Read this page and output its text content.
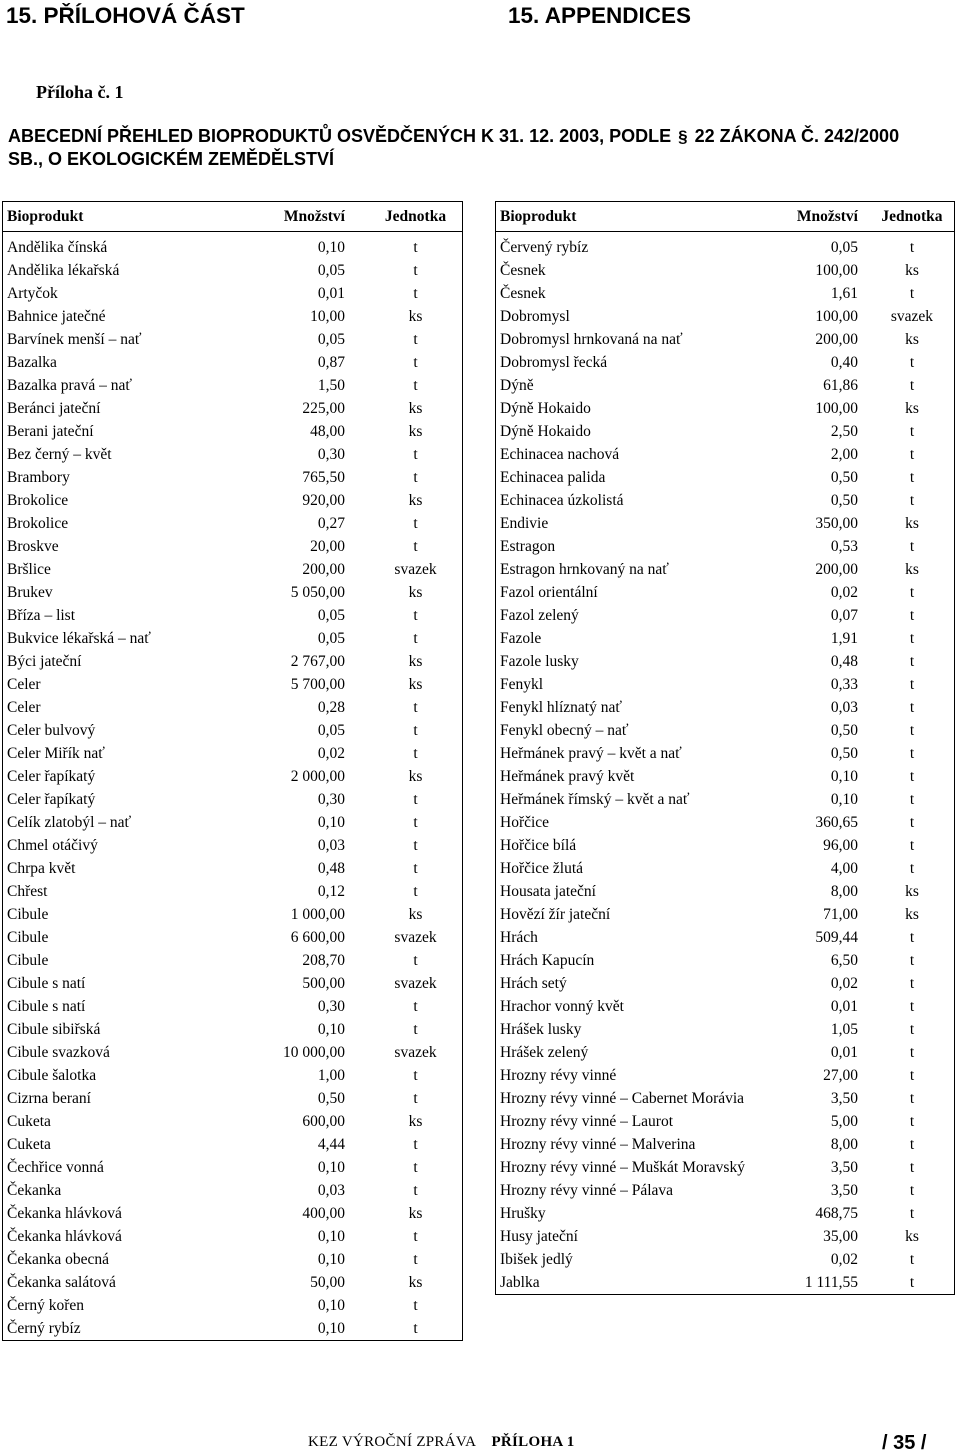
15. PŘÍLOHOVÁ ČÁST	15. APPENDICES
Příloha č. 1
ABECEDNÍ PŘEHLED BIOPRODUKTŮ OSVĚDČENÝCH K 31. 12. 2003, PODLE § 22 ZÁKONA Č. 242/2000 SB., O EKOLOGICKÉM ZEMĚDĚLSTVÍ
Bioprodukt	Množství	Jednotka
Andělika čínská	0,10	t
Andělika lékařská	0,05	t
Artyčok	0,01	t
Bahnice jatečné	10,00	ks
Barvínek menší – nať	0,05	t
Bazalka	0,87	t
Bazalka pravá – nať	1,50	t
Beránci jateční	225,00	ks
Berani jateční	48,00	ks
Bez černý – květ	0,30	t
Brambory	765,50	t
Brokolice	920,00	ks
Brokolice	0,27	t
Broskve	20,00	t
Bršlice	200,00	svazek
Brukev	5 050,00	ks
Bříza – list	0,05	t
Bukvice lékařská – nať	0,05	t
Býci jateční	2 767,00	ks
Celer	5 700,00	ks
Celer	0,28	t
Celer bulvový	0,05	t
Celer Miřík nať	0,02	t
Celer řapíkatý	2 000,00	ks
Celer řapíkatý	0,30	t
Celík zlatobýl – nať	0,10	t
Chmel otáčivý	0,03	t
Chrpa květ	0,48	t
Chřest	0,12	t
Cibule	1 000,00	ks
Cibule	6 600,00	svazek
Cibule	208,70	t
Cibule s natí	500,00	svazek
Cibule s natí	0,30	t
Cibule sibiřská	0,10	t
Cibule svazková	10 000,00	svazek
Cibule šalotka	1,00	t
Cizrna beraní	0,50	t
Cuketa	600,00	ks
Cuketa	4,44	t
Čechřice vonná	0,10	t
Čekanka	0,03	t
Čekanka hlávková	400,00	ks
Čekanka hlávková	0,10	t
Čekanka obecná	0,10	t
Čekanka salátová	50,00	ks
Černý kořen	0,10	t
Černý rybíz	0,10	t
Bioprodukt	Množství	Jednotka
Červený rybíz	0,05	t
Česnek	100,00	ks
Česnek	1,61	t
Dobromysl	100,00	svazek
Dobromysl hrnkovaná na nať	200,00	ks
Dobromysl řecká	0,40	t
Dýně	61,86	t
Dýně Hokaido	100,00	ks
Dýně Hokaido	2,50	t
Echinacea nachová	2,00	t
Echinacea palida	0,50	t
Echinacea úzkolistá	0,50	t
Endivie	350,00	ks
Estragon	0,53	t
Estragon hrnkovaný na nať	200,00	ks
Fazol orientální	0,02	t
Fazol zelený	0,07	t
Fazole	1,91	t
Fazole lusky	0,48	t
Fenykl	0,33	t
Fenykl hlíznatý nať	0,03	t
Fenykl obecný – nať	0,50	t
Heřmánek pravý – květ a nať	0,50	t
Heřmánek pravý květ	0,10	t
Heřmánek římský – květ a nať	0,10	t
Hořčice	360,65	t
Hořčice bílá	96,00	t
Hořčice žlutá	4,00	t
Housata jateční	8,00	ks
Hovězí žír jateční	71,00	ks
Hrách	509,44	t
Hrách Kapucín	6,50	t
Hrách setý	0,02	t
Hrachor vonný květ	0,01	t
Hrášek lusky	1,05	t
Hrášek zelený	0,01	t
Hrozny révy vinné	27,00	t
Hrozny révy vinné – Cabernet Morávia	3,50	t
Hrozny révy vinné – Laurot	5,00	t
Hrozny révy vinné – Malverina	8,00	t
Hrozny révy vinné – Muškát Moravský	3,50	t
Hrozny révy vinné – Pálava	3,50	t
Hrušky	468,75	t
Husy jateční	35,00	ks
Ibišek jedlý	0,02	t
Jablka	1 111,55	t
KEZ VÝROČNÍ ZPRÁVA PŘÍLOHA 1	/ 35 /
